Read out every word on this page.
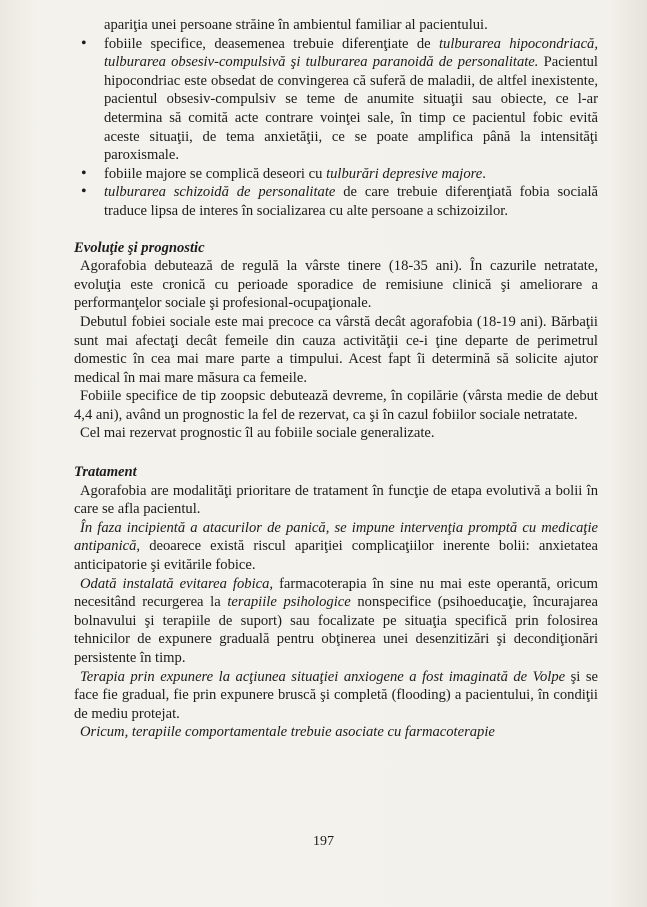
apariţia unei persoane străine în ambientul familiar al pacientului.

• fobiile specifice, deasemenea trebuie diferenţiate de tulburarea hipocondriacă, tulburarea obsesiv-compulsivă şi tulburarea paranoidă de personalitate. Pacientul hipocondriac este obsedat de convingerea că suferă de maladii, de altfel inexistente, pacientul obsesiv-compulsiv se teme de anumite situaţii sau obiecte, ce l-ar determina să comită acte contrare voinţei sale, în timp ce pacientul fobic evită aceste situaţii, de tema anxietăţii, ce se poate amplifica până la intensităţi paroxismale.
• fobiile majore se complică deseori cu tulburări depresive majore.
• tulburarea schizoidă de personalitate de care trebuie diferenţiată fobia socială traduce lipsa de interes în socializarea cu alte persoane a schizoizilor.

Evoluţie şi prognostic

Agorafobia debutează de regulă la vârste tinere (18-35 ani). În cazurile netratate, evoluţia este cronică cu perioade sporadice de remisiune clinică şi ameliorare a performanţelor sociale şi profesional-ocupaţionale.

Debutul fobiei sociale este mai precoce ca vârstă decât agorafobia (18-19 ani). Bărbaţii sunt mai afectaţi decât femeile din cauza activităţii ce-i ţine departe de perimetrul domestic în cea mai mare parte a timpului. Acest fapt îi determină să solicite ajutor medical în mai mare măsura ca femeile.

Fobiile specifice de tip zoopsic debutează devreme, în copilărie (vârsta medie de debut 4,4 ani), având un prognostic la fel de rezervat, ca şi în cazul fobiilor sociale netratate.

Cel mai rezervat prognostic îl au fobiile sociale generalizate.

Tratament

Agorafobia are modalităţi prioritare de tratament în funcţie de etapa evolutivă a bolii în care se afla pacientul.

În faza incipientă a atacurilor de panică, se impune intervenţia promptă cu medicaţie antipanică, deoarece există riscul apariţiei complicaţiilor inerente bolii: anxietatea anticipatorie şi evitările fobice.

Odată instalată evitarea fobica, farmacoterapia în sine nu mai este operantă, oricum necesitând recurgerea la terapiile psihologice nonspecifice (psihoeducaţie, încurajarea bolnavului şi terapiile de suport) sau focalizate pe situaţia specifică prin folosirea tehnicilor de expunere graduală pentru obţinerea unei desenzitizări şi decondiţionări persistente în timp.

Terapia prin expunere la acţiunea situaţiei anxiogene a fost imaginată de Volpe şi se face fie gradual, fie prin expunere bruscă şi completă (flooding) a pacientului, în condiţii de mediu protejat.

Oricum, terapiile comportamentale trebuie asociate cu farmacoterapie

197
